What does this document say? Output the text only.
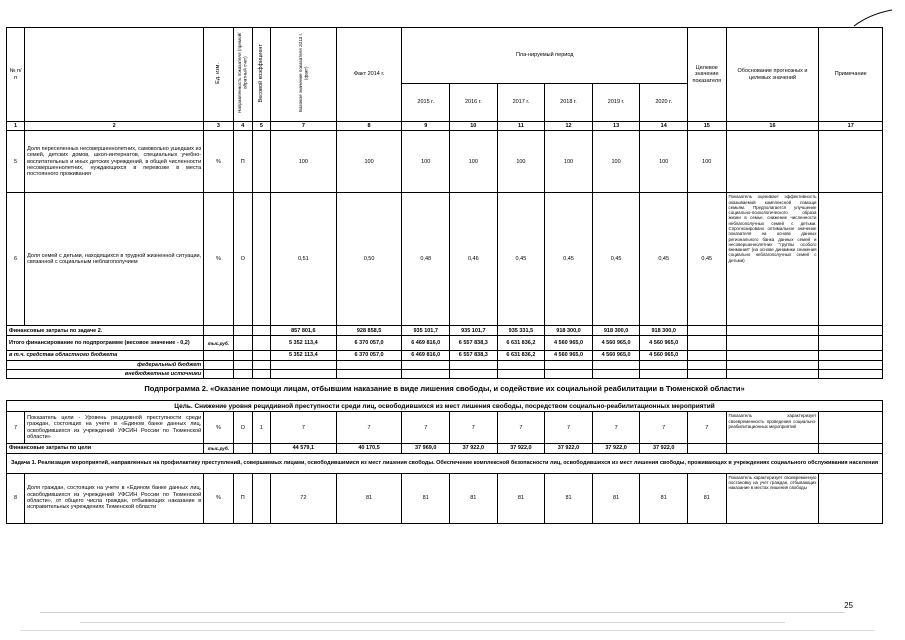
№ п/п		Ед. изм.	Направленность показателя (прямой/обратный счет)	Весовой коэффициент	Базовое значение показателя 2013 г. (факт)	Факт 2014 г.	Пла-нируемый период						Целевое значение показателя	Обоснование прогнозных и целевых значений	Примечание
							2015 г.	2016 г.	2017 г.	2018 г.	2019 г.	2020 г.			
1	2	3	4	5	7	8	9	10	11	12	13	14	15	16	17
5	Доля переселенных несовершеннолетних, самовольно ушедших из семей, детских домов, школ-интернатов, специальных учебно-воспитательных и иных детских учреждений, в общей численности несовершеннолетних, нуждающихся в перевозке в места постоянного проживания	%	П		100	100	100	100	100	100	100	100	100		
6	Доля семей с детьми, находящихся в трудной жизненной ситуации, связанной с социальным неблагополучием	%	О		0,51	0,50	0,48	0,46	0,45	0,45	0,45	0,45	0,45	Показатель оценивает эффективность оказываемой комплексной помощи семьям. Предполагается улучшение социально-психологического образа жизни в семье, снижение численности неблагополучных семей с детьми. Спрогнозировано оптимальное значение показателя на основе данных регионального банка данных семей и несовершеннолетних "группы особого внимания" (на основе динамики снижения социально неблагополучных семей с детьми)	
Финансовые затраты по задаче 2.					857 801,6	928 858,5	935 101,7	935 101,7	935 331,5	918 300,0	918 300,0	918 300,0			
Итого финансирование по подпрограмме (весовое значение - 0,2)		тыс.руб.			5 352 113,4	6 370 057,0	6 469 816,0	6 557 838,3	6 631 836,2	4 560 965,0	4 560 965,0	4 560 965,0			
в т.ч. средства областного бюджета					5 352 113,4	6 370 057,0	6 469 816,0	6 557 838,3	6 631 836,2	4 560 965,0	4 560 965,0	4 560 965,0			
федеральный бюджет															
внебюджетные источники															
Подпрограмма 2. «Оказание помощи лицам, отбывшим наказание в виде лишения свободы, и содействие их социальной реабилитации в Тюменской области»															
Цель. Снижение уровня рецидивной преступности среди лиц, освободившихся из мест лишения свободы, посредством социально-реабилитационных мероприятий															
7	Показатель цели - Уровень рецидивной преступности среди граждан, состоящих на учете в «Едином банке данных лиц, освободившихся из учреждений УФСИН России по Тюменской области»	%	О	1	7	7	7	7	7	7	7	7	7	Показатель характеризует своевременность проведения социально-реабилитационных мероприятий	
Финансовые затраты по цели		тыс.руб.			44 579,1	40 170,5	37 969,0	37 922,0	37 922,0	37 922,0	37 922,0	37 922,0			
Задача 1. Реализация мероприятий, направленных на профилактику преступлений, совершаемых лицами, освободившимися из мест лишения свободы. Обеспечение комплексной безопасности лиц, освободившихся из мест лишения свободы, проживающих в учреждениях социального обслуживания населения															
8	Доля граждан, состоящих на учете в «Едином банке данных лиц, освободившихся из учреждений УФСИН России по Тюменской области», от общего числа граждан, отбывающих наказание в исправительных учреждениях Тюменской области	%	П		72	81	81	81	81	81	81	81	81	Показатель характеризует своевременную постановку на учет граждан, отбывающих наказание в местах лишения свободы	
25
